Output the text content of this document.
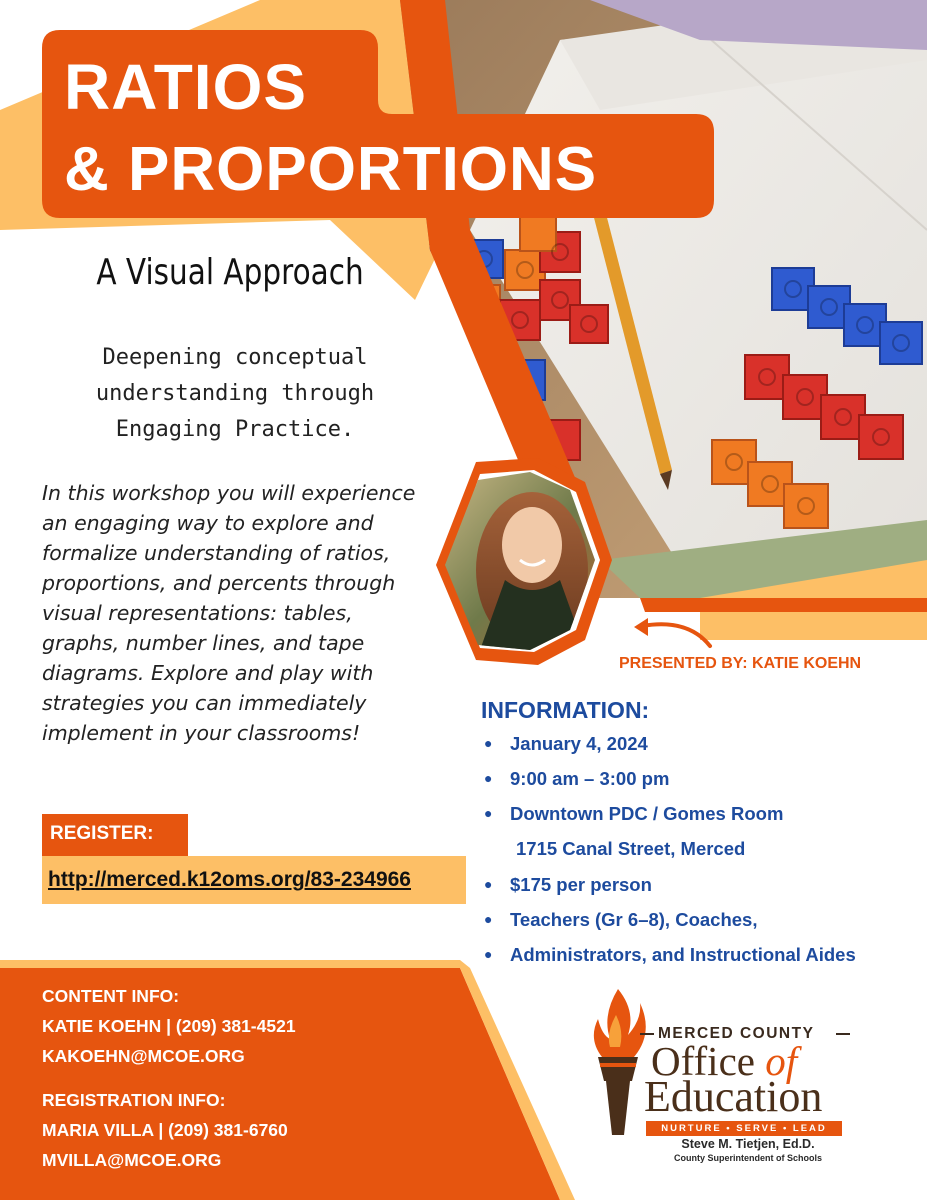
RATIOS
& PROPORTIONS
A Visual Approach
Deepening conceptual
understanding through
Engaging Practice.
In this workshop you will experience
an engaging way to explore and
formalize understanding of ratios,
proportions, and percents through
visual representations: tables,
graphs, number lines, and tape
diagrams. Explore and play with
strategies you can immediately
implement in your classrooms!
REGISTER:
http://merced.k12oms.org/83-234966
PRESENTED BY: KATIE KOEHN
INFORMATION:
● January 4, 2024
● 9:00 am – 3:00 pm
● Downtown PDC / Gomes Room
1715 Canal Street, Merced
● $175 per person
● Teachers (Gr 6–8), Coaches,
● Administrators, and Instructional Aides
CONTENT INFO:
KATIE KOEHN | (209) 381-4521
KAKOEHN@MCOE.ORG
REGISTRATION INFO:
MARIA VILLA | (209) 381-6760
MVILLA@MCOE.ORG
MERCED COUNTY
Office of
Education
NURTURE • SERVE • LEAD
Steve M. Tietjen, Ed.D.
County Superintendent of Schools
